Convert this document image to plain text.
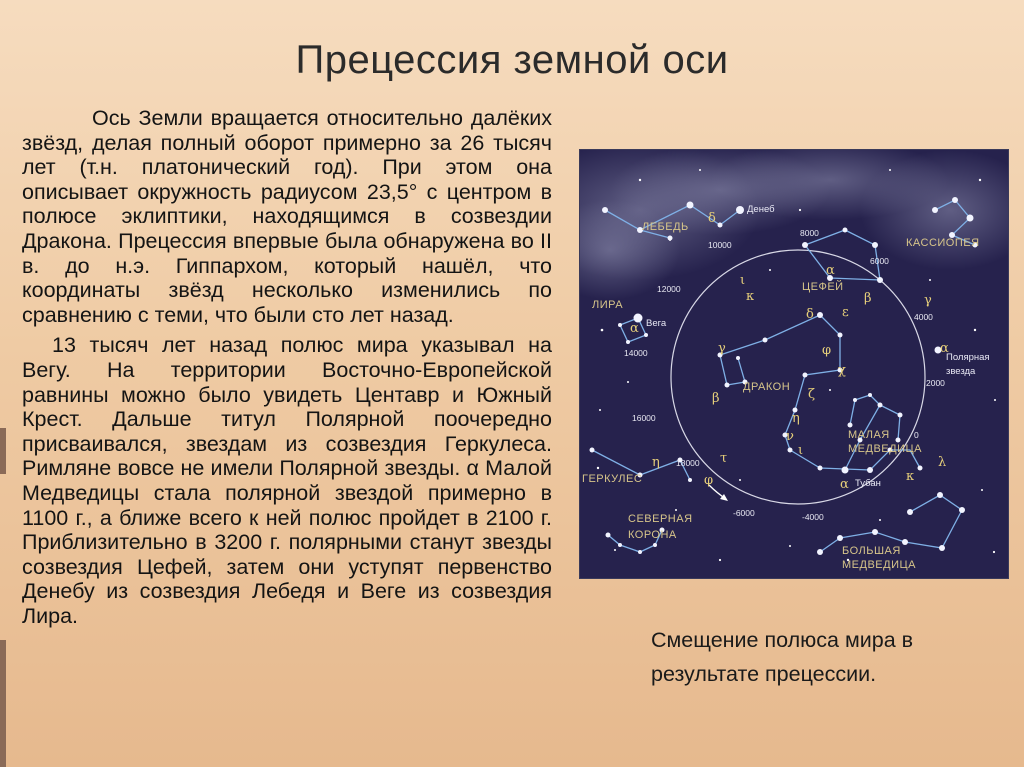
Прецессия земной оси

Ось Земли вращается относительно далёких звёзд, делая полный оборот примерно за 26 тысяч лет (т.н. платонический год). При этом она описывает окружность радиусом 23,5° с центром в полюсе эклиптики, находящимся в созвездии Дракона. Прецессия впервые была обнаружена во II в. до н.э. Гиппархом, который нашёл, что координаты звёзд несколько изменились по сравнению с теми, что были сто лет назад.

13 тысяч лет назад полюс мира указывал на Вегу. На территории Восточно-Европейской равнины можно было увидеть Центавр и Южный Крест. Дальше титул Полярной поочередно присваивался, звездам из созвездия Геркулеса. Римляне вовсе не имели Полярной звезды. α Малой Медведицы стала полярной звездой примерно в 1100 г., а ближе всего к ней полюс пройдет в 2100 г. Приблизительно в 3200 г. полярными станут звезды созвездия Цефей, затем они уступят первенство Денебу из созвездия Лебедя и Веге из созвездия Лира.

ЛЕБЕДЬ
КАССИОПЕЯ
ЛИРА
ЦЕФЕЙ
ДРАКОН
МАЛАЯ
МЕДВЕДИЦА
ГЕРКУЛЕС
СЕВЕРНАЯ
КОРОНА
БОЛЬШАЯ
МЕДВЕДИЦА
Денеб
Вега
Полярная
звезда
Тубан
8000
10000
6000
12000
4000
14000
2000
16000
0
18000
-6000	-4000
δ
ι
κ
α
β	γ
α
δ ε
γ	φ
χ
ζ
η
β
ν
ι
α
λ
κ
α
η	τ
φ
Смещение полюса мира в результате прецессии.
